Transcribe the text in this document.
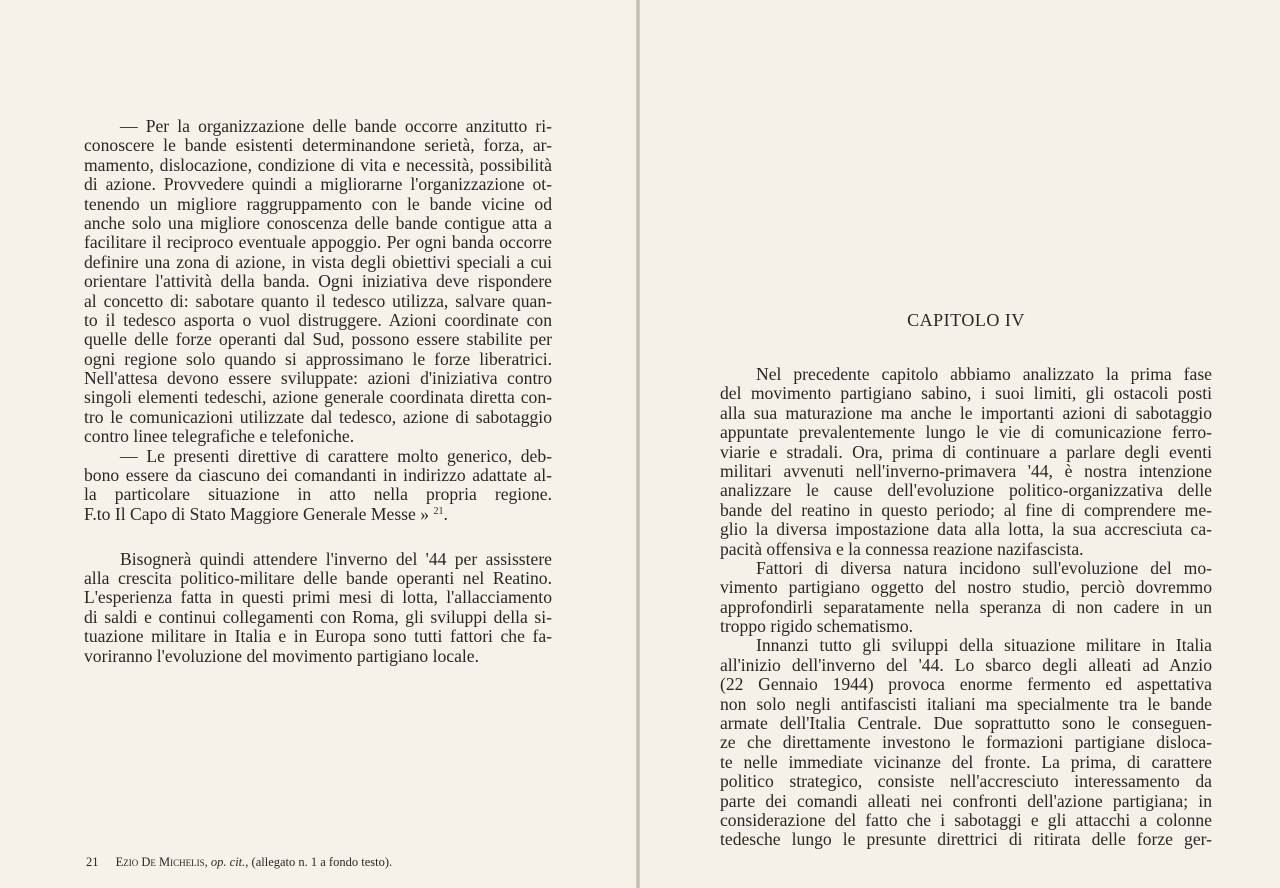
— Per la organizzazione delle bande occorre anzitutto ri-
conoscere le bande esistenti determinandone serietà, forza, ar-
mamento, dislocazione, condizione di vita e necessità, possibilità
di azione. Provvedere quindi a migliorarne l'organizzazione ot-
tenendo un migliore raggruppamento con le bande vicine od
anche solo una migliore conoscenza delle bande contigue atta a
facilitare il reciproco eventuale appoggio. Per ogni banda occorre
definire una zona di azione, in vista degli obiettivi speciali a cui
orientare l'attività della banda. Ogni iniziativa deve rispondere
al concetto di: sabotare quanto il tedesco utilizza, salvare quan-
to il tedesco asporta o vuol distruggere. Azioni coordinate con
quelle delle forze operanti dal Sud, possono essere stabilite per
ogni regione solo quando si approssimano le forze liberatrici.
Nell'attesa devono essere sviluppate: azioni d'iniziativa contro
singoli elementi tedeschi, azione generale coordinata diretta con-
tro le comunicazioni utilizzate dal tedesco, azione di sabotaggio
contro linee telegrafiche e telefoniche.
— Le presenti direttive di carattere molto generico, deb-
bono essere da ciascuno dei comandanti in indirizzo adattate al-
la particolare situazione in atto nella propria regione.
F.to Il Capo di Stato Maggiore Generale Messe » $^{21}$.
Bisognerà quindi attendere l'inverno del '44 per assisstere
alla crescita politico-militare delle bande operanti nel Reatino.
L'esperienza fatta in questi primi mesi di lotta, l'allacciamento
di saldi e continui collegamenti con Roma, gli sviluppi della si-
tuazione militare in Italia e in Europa sono tutti fattori che fa-
voriranno l'evoluzione del movimento partigiano locale.
21 Ezio De Michelis, op. cit., (allegato n. 1 a fondo testo).
CAPITOLO IV
Nel precedente capitolo abbiamo analizzato la prima fase
del movimento partigiano sabino, i suoi limiti, gli ostacoli posti
alla sua maturazione ma anche le importanti azioni di sabotaggio
appuntate prevalentemente lungo le vie di comunicazione ferro-
viarie e stradali. Ora, prima di continuare a parlare degli eventi
militari avvenuti nell'inverno-primavera '44, è nostra intenzione
analizzare le cause dell'evoluzione politico-organizzativa delle
bande del reatino in questo periodo; al fine di comprendere me-
glio la diversa impostazione data alla lotta, la sua accresciuta ca-
pacità offensiva e la connessa reazione nazifascista.
Fattori di diversa natura incidono sull'evoluzione del mo-
vimento partigiano oggetto del nostro studio, perciò dovremmo
approfondirli separatamente nella speranza di non cadere in un
troppo rigido schematismo.
Innanzi tutto gli sviluppi della situazione militare in Italia
all'inizio dell'inverno del '44. Lo sbarco degli alleati ad Anzio
(22 Gennaio 1944) provoca enorme fermento ed aspettativa
non solo negli antifascisti italiani ma specialmente tra le bande
armate dell'Italia Centrale. Due soprattutto sono le conseguen-
ze che direttamente investono le formazioni partigiane disloca-
te nelle immediate vicinanze del fronte. La prima, di carattere
politico strategico, consiste nell'accresciuto interessamento da
parte dei comandi alleati nei confronti dell'azione partigiana; in
considerazione del fatto che i sabotaggi e gli attacchi a colonne
tedesche lungo le presunte direttrici di ritirata delle forze ger-
